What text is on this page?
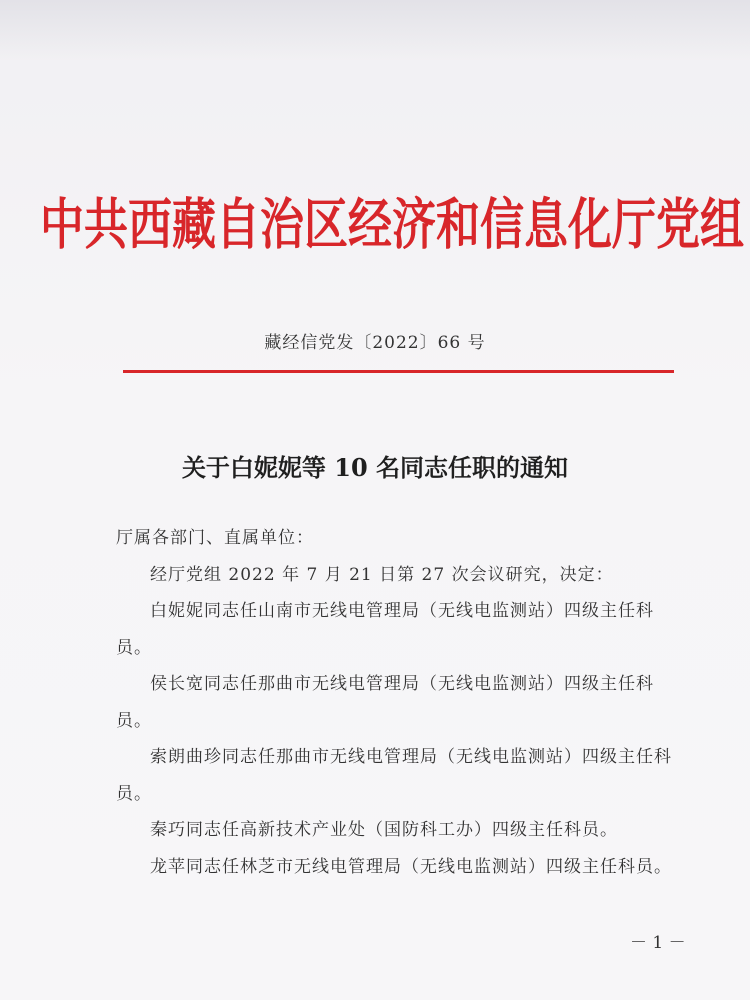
中共西藏自治区经济和信息化厅党组
藏经信党发〔2022〕66 号
关于白妮妮等 10 名同志任职的通知

厅属各部门、直属单位：

经厅党组 2022 年 7 月 21 日第 27 次会议研究，决定：

白妮妮同志任山南市无线电管理局（无线电监测站）四级主任科员。

侯长宽同志任那曲市无线电管理局（无线电监测站）四级主任科员。

索朗曲珍同志任那曲市无线电管理局（无线电监测站）四级主任科员。

秦巧同志任高新技术产业处（国防科工办）四级主任科员。

龙苹同志任林芝市无线电管理局（无线电监测站）四级主任科员。

－ 1 －
